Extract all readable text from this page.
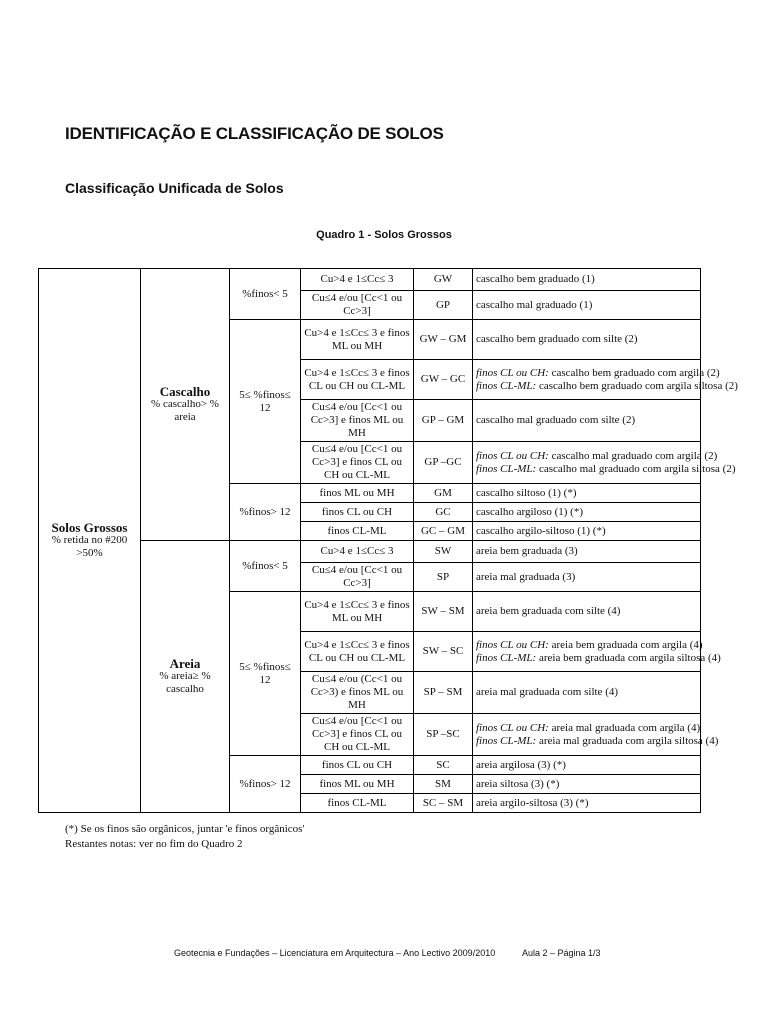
IDENTIFICAÇÃO E CLASSIFICAÇÃO DE SOLOS
Classificação Unificada de Solos
Quadro 1 - Solos Grossos
Solos Grossos
% retida no #200 >50%	Cascalho
% cascalho> % areia	%finos< 5	Cu>4 e 1≤Cc≤ 3	GW	cascalho bem graduado (1)
			Cu≤4 e/ou [Cc<1 ou Cc>3]	GP	cascalho mal graduado (1)
		5≤ %finos≤ 12	Cu>4 e 1≤Cc≤ 3 e finos ML ou MH	GW – GM	cascalho bem graduado com silte (2)
			Cu>4 e 1≤Cc≤ 3 e finos CL ou CH ou CL-ML	GW – GC	finos CL ou CH: cascalho bem graduado com argila (2)
finos CL-ML: cascalho bem graduado com argila siltosa (2)

			Cu≤4 e/ou [Cc<1 ou Cc>3] e finos ML ou MH	GP – GM	cascalho mal graduado com silte (2)
			Cu≤4 e/ou [Cc<1 ou Cc>3] e finos CL ou CH ou CL-ML	GP –GC	finos CL ou CH: cascalho mal graduado com argila (2)
finos CL-ML: cascalho mal graduado com argila siltosa (2)

		%finos> 12	finos ML ou MH	GM	cascalho siltoso (1) (*)
			finos CL ou CH	GC	cascalho argiloso (1) (*)
			finos CL-ML	GC – GM	cascalho argilo-siltoso (1) (*)

	Areia
% areia≥ % cascalho	%finos< 5	Cu>4 e 1≤Cc≤ 3	SW	areia bem graduada (3)
			Cu≤4 e/ou [Cc<1 ou Cc>3]	SP	areia mal graduada (3)
		5≤ %finos≤ 12	Cu>4 e 1≤Cc≤ 3 e finos ML ou MH	SW – SM	areia bem graduada com silte (4)
			Cu>4 e 1≤Cc≤ 3 e finos CL ou CH ou CL-ML	SW – SC	finos CL ou CH: areia bem graduada com argila (4)
finos CL-ML: areia bem graduada com argila siltosa (4)

			Cu≤4 e/ou (Cc<1 ou Cc>3) e finos ML ou MH	SP – SM	areia mal graduada com silte (4)
			Cu≤4 e/ou [Cc<1 ou Cc>3] e finos CL ou CH ou CL-ML	SP –SC	finos CL ou CH: areia mal graduada com argila (4)
finos CL-ML: areia mal graduada com argila siltosa (4)

		%finos> 12	finos CL ou CH	SC	areia argilosa (3) (*)
			finos ML ou MH	SM	areia siltosa (3) (*)
			finos CL-ML	SC – SM	areia argilo-siltosa (3) (*)
(*) Se os finos são orgânicos, juntar 'e finos orgânicos'
Restantes notas: ver no fim do Quadro 2
Geotecnia e Fundações – Licenciatura em Arquitectura – Ano Lectivo 2009/2010	Aula 2 – Página 1/3
